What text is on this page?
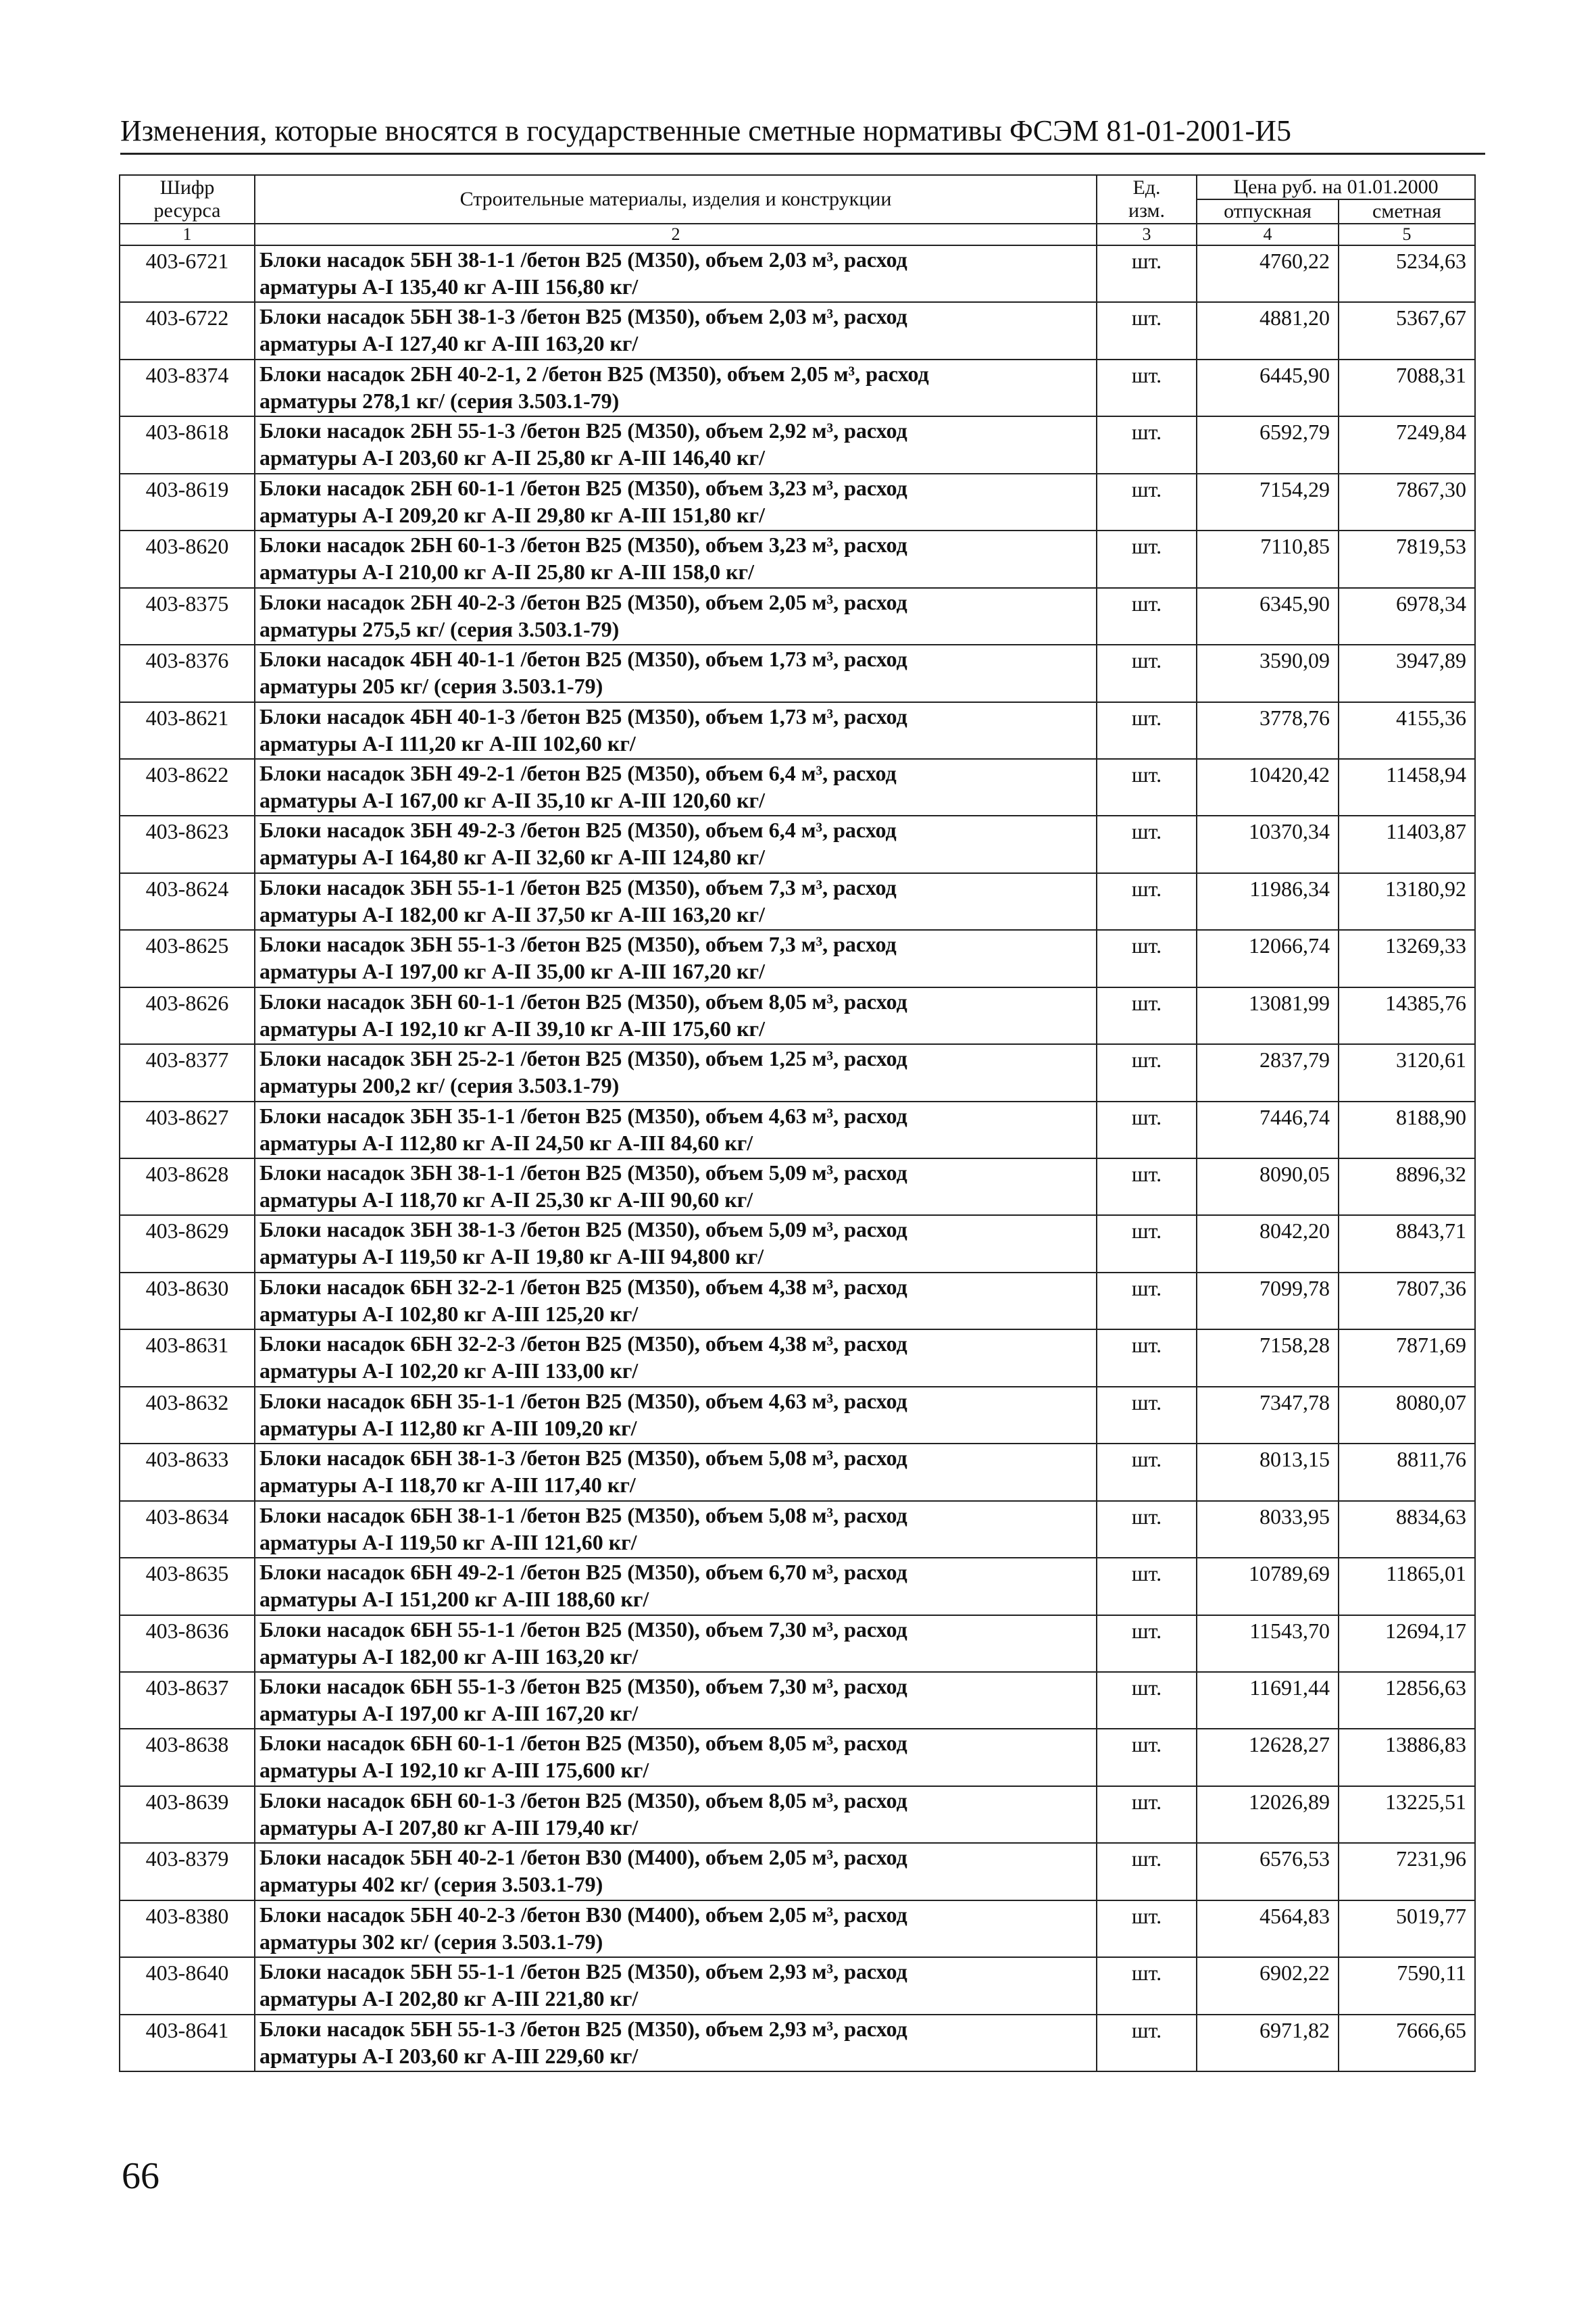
Изменения, которые вносятся в государственные сметные нормативы ФСЭМ 81-01-2001-И5
Шифр
ресурса	Строительные материалы, изделия и конструкции	Ед.
изм.	Цена руб. на 01.01.2000	
			отпускная	сметная
1	2	3	4	5
403-6721	Блоки насадок 5БН 38-1-1 /бетон B25 (M350), объем 2,03 м³, расход
арматуры A-I 135,40 кг A-III 156,80 кг/	шт.	4760,22	5234,63
403-6722	Блоки насадок 5БН 38-1-3 /бетон B25 (M350), объем 2,03 м³, расход
арматуры A-I 127,40 кг A-III 163,20 кг/	шт.	4881,20	5367,67
403-8374	Блоки насадок 2БН 40-2-1, 2 /бетон B25 (M350), объем 2,05 м³, расход
арматуры 278,1 кг/ (серия 3.503.1-79)	шт.	6445,90	7088,31
403-8618	Блоки насадок 2БН 55-1-3 /бетон B25 (M350), объем 2,92 м³, расход
арматуры A-I 203,60 кг A-II 25,80 кг A-III 146,40 кг/	шт.	6592,79	7249,84
403-8619	Блоки насадок 2БН 60-1-1 /бетон B25 (M350), объем 3,23 м³, расход
арматуры A-I 209,20 кг A-II 29,80 кг A-III 151,80 кг/	шт.	7154,29	7867,30
403-8620	Блоки насадок 2БН 60-1-3 /бетон B25 (M350), объем 3,23 м³, расход
арматуры A-I 210,00 кг A-II 25,80 кг A-III 158,0 кг/	шт.	7110,85	7819,53
403-8375	Блоки насадок 2БН 40-2-3 /бетон B25 (M350), объем 2,05 м³, расход
арматуры 275,5 кг/ (серия 3.503.1-79)	шт.	6345,90	6978,34
403-8376	Блоки насадок 4БН 40-1-1 /бетон B25 (M350), объем 1,73 м³, расход
арматуры 205 кг/ (серия 3.503.1-79)	шт.	3590,09	3947,89
403-8621	Блоки насадок 4БН 40-1-3 /бетон B25 (M350), объем 1,73 м³, расход
арматуры A-I 111,20 кг A-III 102,60 кг/	шт.	3778,76	4155,36
403-8622	Блоки насадок 3БН 49-2-1 /бетон B25 (M350), объем 6,4 м³, расход
арматуры A-I 167,00 кг A-II 35,10 кг A-III 120,60 кг/	шт.	10420,42	11458,94
403-8623	Блоки насадок 3БН 49-2-3 /бетон B25 (M350), объем 6,4 м³, расход
арматуры A-I 164,80 кг A-II 32,60 кг A-III 124,80 кг/	шт.	10370,34	11403,87
403-8624	Блоки насадок 3БН 55-1-1 /бетон B25 (M350), объем 7,3 м³, расход
арматуры A-I 182,00 кг A-II 37,50 кг A-III 163,20 кг/	шт.	11986,34	13180,92
403-8625	Блоки насадок 3БН 55-1-3 /бетон B25 (M350), объем 7,3 м³, расход
арматуры A-I 197,00 кг A-II 35,00 кг A-III 167,20 кг/	шт.	12066,74	13269,33
403-8626	Блоки насадок 3БН 60-1-1 /бетон B25 (M350), объем 8,05 м³, расход
арматуры A-I 192,10 кг A-II 39,10 кг A-III 175,60 кг/	шт.	13081,99	14385,76
403-8377	Блоки насадок 3БН 25-2-1 /бетон B25 (M350), объем 1,25 м³, расход
арматуры 200,2 кг/ (серия 3.503.1-79)	шт.	2837,79	3120,61
403-8627	Блоки насадок 3БН 35-1-1 /бетон B25 (M350), объем 4,63 м³, расход
арматуры A-I 112,80 кг A-II 24,50 кг A-III 84,60 кг/	шт.	7446,74	8188,90
403-8628	Блоки насадок 3БН 38-1-1 /бетон B25 (M350), объем 5,09 м³, расход
арматуры A-I 118,70 кг A-II 25,30 кг A-III 90,60 кг/	шт.	8090,05	8896,32
403-8629	Блоки насадок 3БН 38-1-3 /бетон B25 (M350), объем 5,09 м³, расход
арматуры A-I 119,50 кг A-II 19,80 кг A-III 94,800 кг/	шт.	8042,20	8843,71
403-8630	Блоки насадок 6БН 32-2-1 /бетон B25 (M350), объем 4,38 м³, расход
арматуры A-I 102,80 кг A-III 125,20 кг/	шт.	7099,78	7807,36
403-8631	Блоки насадок 6БН 32-2-3 /бетон B25 (M350), объем 4,38 м³, расход
арматуры A-I 102,20 кг A-III 133,00 кг/	шт.	7158,28	7871,69
403-8632	Блоки насадок 6БН 35-1-1 /бетон B25 (M350), объем 4,63 м³, расход
арматуры A-I 112,80 кг A-III 109,20 кг/	шт.	7347,78	8080,07
403-8633	Блоки насадок 6БН 38-1-3 /бетон B25 (M350), объем 5,08 м³, расход
арматуры A-I 118,70 кг A-III 117,40 кг/	шт.	8013,15	8811,76
403-8634	Блоки насадок 6БН 38-1-1 /бетон B25 (M350), объем 5,08 м³, расход
арматуры A-I 119,50 кг A-III 121,60 кг/	шт.	8033,95	8834,63
403-8635	Блоки насадок 6БН 49-2-1 /бетон B25 (M350), объем 6,70 м³, расход
арматуры A-I 151,200 кг A-III 188,60 кг/	шт.	10789,69	11865,01
403-8636	Блоки насадок 6БН 55-1-1 /бетон B25 (M350), объем 7,30 м³, расход
арматуры A-I 182,00 кг A-III 163,20 кг/	шт.	11543,70	12694,17
403-8637	Блоки насадок 6БН 55-1-3 /бетон B25 (M350), объем 7,30 м³, расход
арматуры A-I 197,00 кг A-III 167,20 кг/	шт.	11691,44	12856,63
403-8638	Блоки насадок 6БН 60-1-1 /бетон B25 (M350), объем 8,05 м³, расход
арматуры A-I 192,10 кг A-III 175,600 кг/	шт.	12628,27	13886,83
403-8639	Блоки насадок 6БН 60-1-3 /бетон B25 (M350), объем 8,05 м³, расход
арматуры A-I 207,80 кг A-III 179,40 кг/	шт.	12026,89	13225,51
403-8379	Блоки насадок 5БН 40-2-1 /бетон B30 (M400), объем 2,05 м³, расход
арматуры 402 кг/ (серия 3.503.1-79)	шт.	6576,53	7231,96
403-8380	Блоки насадок 5БН 40-2-3 /бетон B30 (M400), объем 2,05 м³, расход
арматуры 302 кг/ (серия 3.503.1-79)	шт.	4564,83	5019,77
403-8640	Блоки насадок 5БН 55-1-1 /бетон B25 (M350), объем 2,93 м³, расход
арматуры A-I 202,80 кг A-III 221,80 кг/	шт.	6902,22	7590,11
403-8641	Блоки насадок 5БН 55-1-3 /бетон B25 (M350), объем 2,93 м³, расход
арматуры A-I 203,60 кг A-III 229,60 кг/	шт.	6971,82	7666,65
66
